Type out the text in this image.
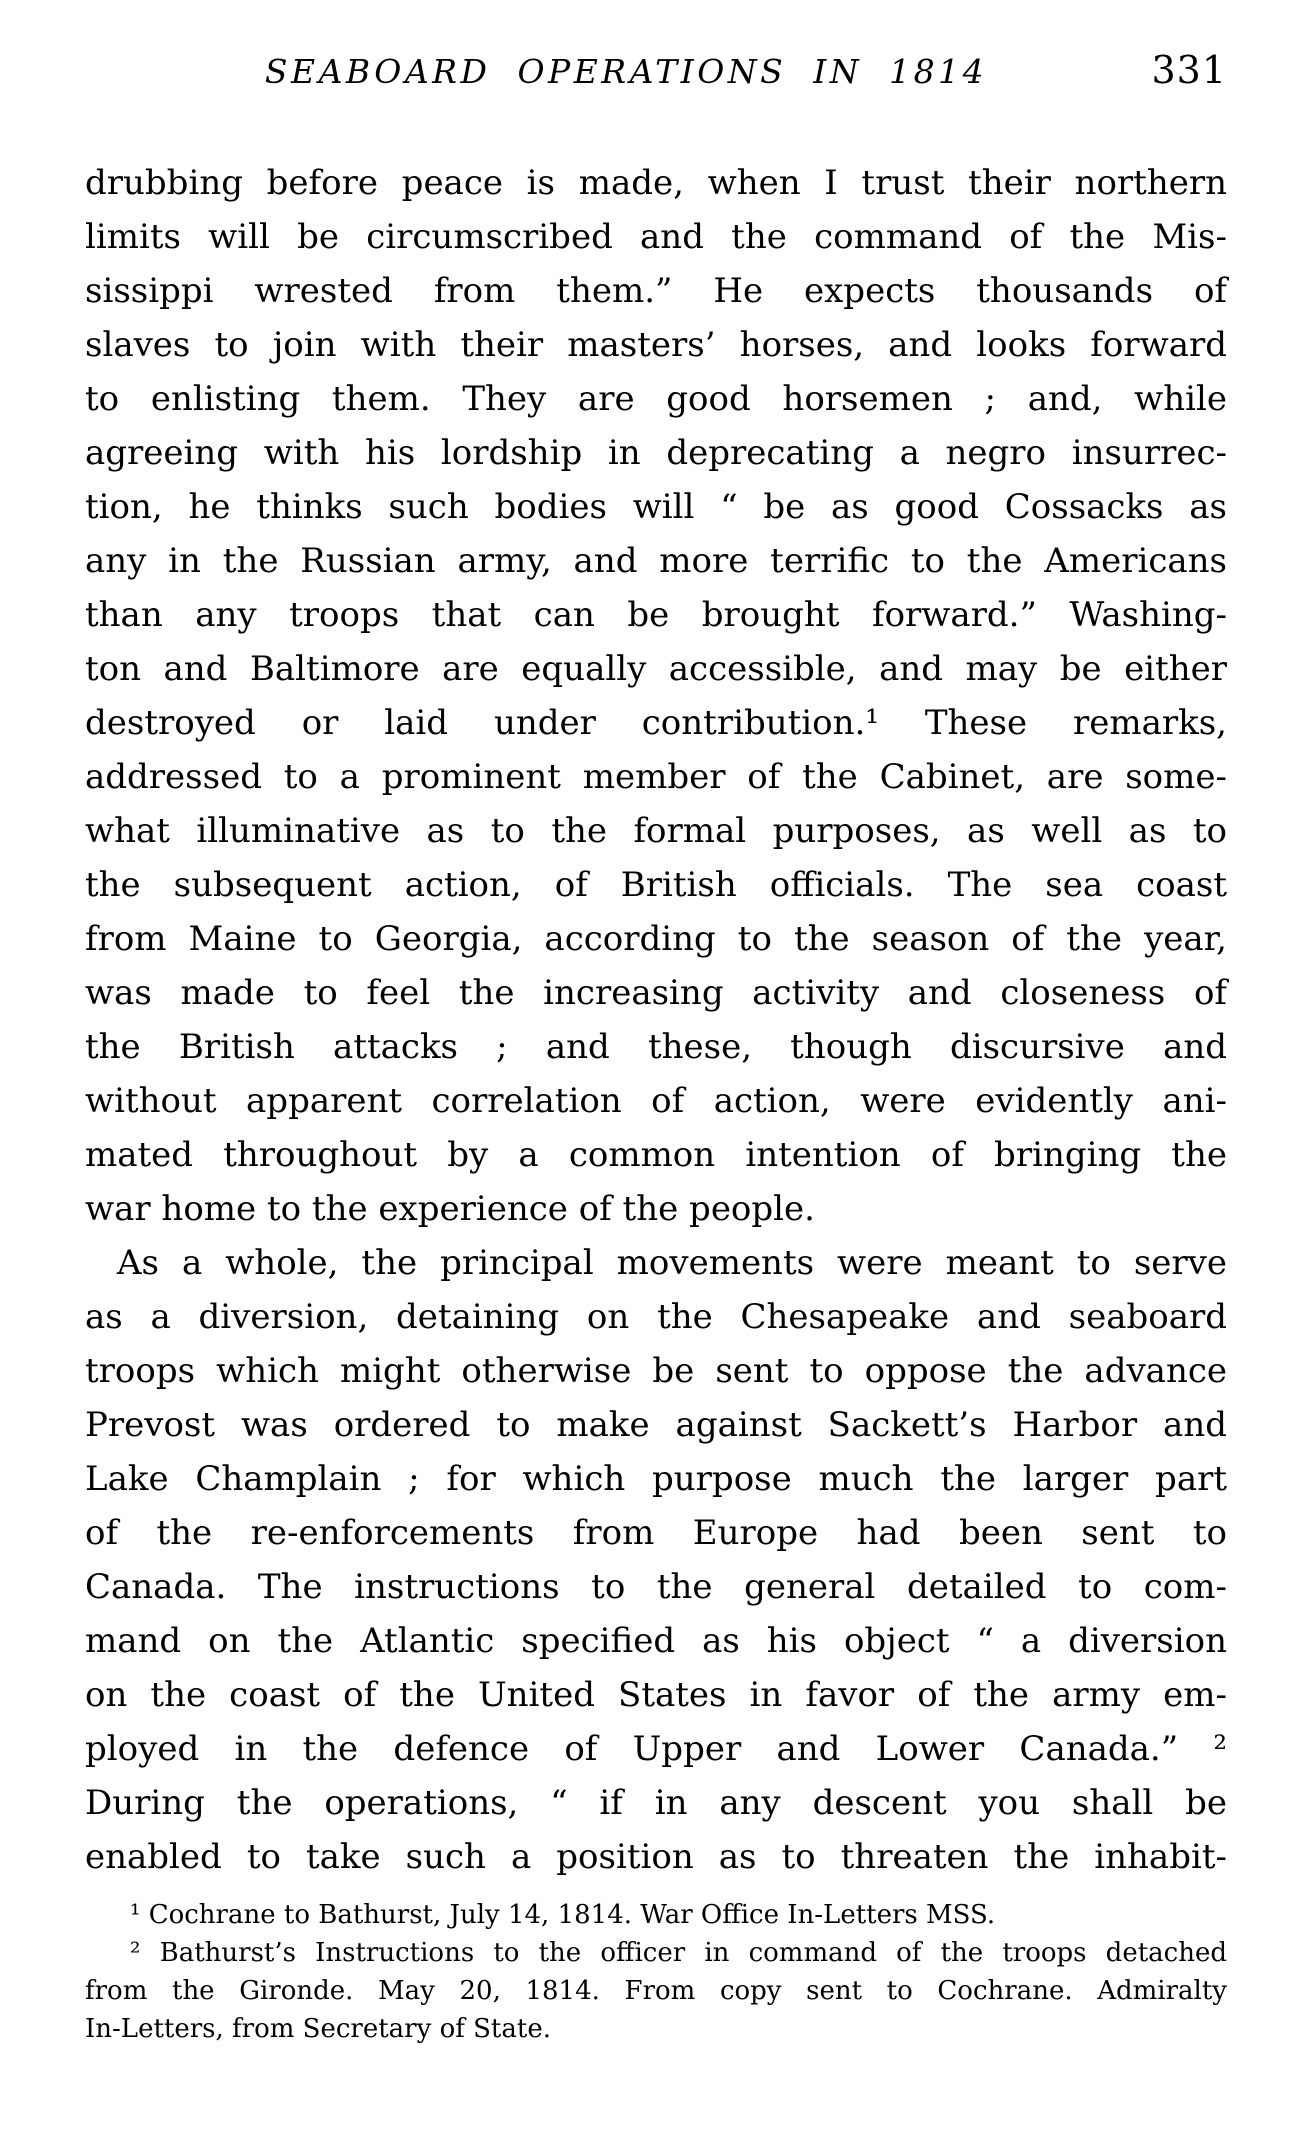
SEABOARD OPERATIONS IN 1814	331
drubbing before peace is made, when I trust their northern
limits will be circumscribed and the command of the Mis-
sissippi wrested from them.” He expects thousands of
slaves to join with their masters’ horses, and looks forward
to enlisting them. They are good horsemen ; and, while
agreeing with his lordship in deprecating a negro insurrec-
tion, he thinks such bodies will “ be as good Cossacks as
any in the Russian army, and more terrific to the Americans
than any troops that can be brought forward.” Washing-
ton and Baltimore are equally accessible, and may be either
destroyed or laid under contribution.¹ These remarks,
addressed to a prominent member of the Cabinet, are some-
what illuminative as to the formal purposes, as well as to
the subsequent action, of British officials. The sea coast
from Maine to Georgia, according to the season of the year,
was made to feel the increasing activity and closeness of
the British attacks ; and these, though discursive and
without apparent correlation of action, were evidently ani-
mated throughout by a common intention of bringing the
war home to the experience of the people.
As a whole, the principal movements were meant to serve
as a diversion, detaining on the Chesapeake and seaboard
troops which might otherwise be sent to oppose the advance
Prevost was ordered to make against Sackett’s Harbor and
Lake Champlain ; for which purpose much the larger part
of the re-enforcements from Europe had been sent to
Canada. The instructions to the general detailed to com-
mand on the Atlantic specified as his object “ a diversion
on the coast of the United States in favor of the army em-
ployed in the defence of Upper and Lower Canada.” ²
During the operations, “ if in any descent you shall be
enabled to take such a position as to threaten the inhabit-
¹ Cochrane to Bathurst, July 14, 1814. War Office In-Letters MSS.
² Bathurst’s Instructions to the officer in command of the troops detached
from the Gironde. May 20, 1814. From copy sent to Cochrane. Admiralty
In-Letters, from Secretary of State.
